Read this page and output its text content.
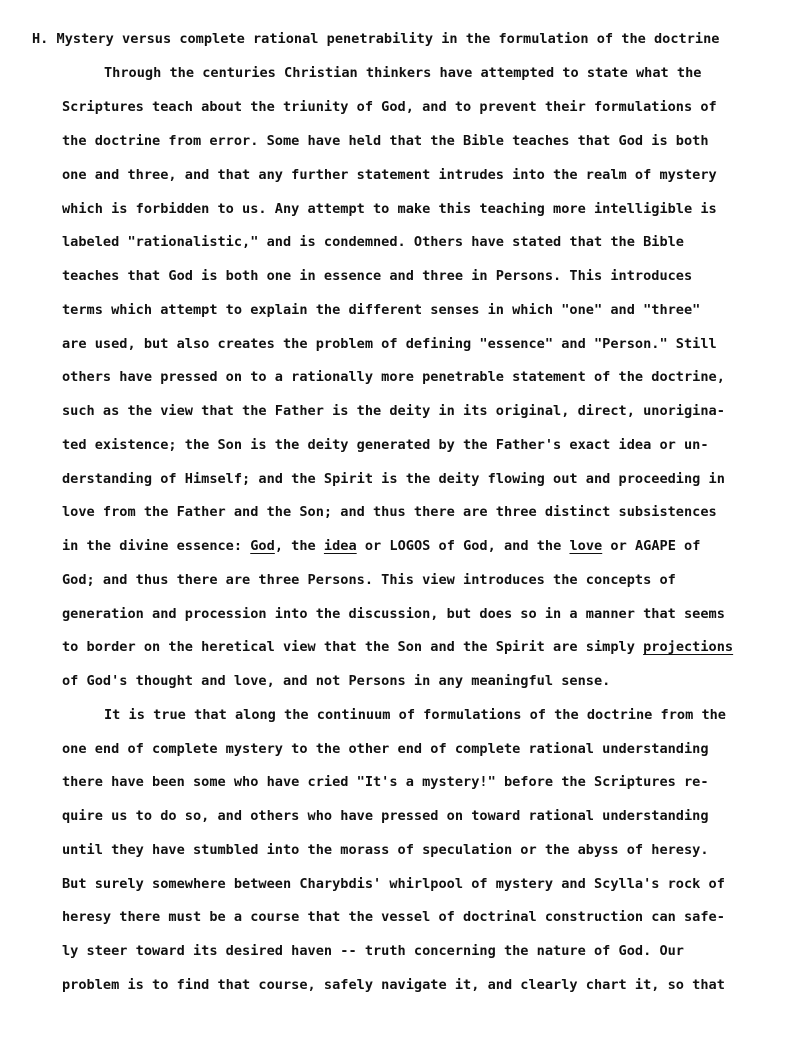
H. Mystery versus complete rational penetrability in the formulation of the doctrine
Through the centuries Christian thinkers have attempted to state what the
Scriptures teach about the triunity of God, and to prevent their formulations of
the doctrine from error. Some have held that the Bible teaches that God is both
one and three, and that any further statement intrudes into the realm of mystery
which is forbidden to us. Any attempt to make this teaching more intelligible is
labeled "rationalistic," and is condemned. Others have stated that the Bible
teaches that God is both one in essence and three in Persons. This introduces
terms which attempt to explain the different senses in which "one" and "three"
are used, but also creates the problem of defining "essence" and "Person." Still
others have pressed on to a rationally more penetrable statement of the doctrine,
such as the view that the Father is the deity in its original, direct, unorigina-
ted existence; the Son is the deity generated by the Father's exact idea or un-
derstanding of Himself; and the Spirit is the deity flowing out and proceeding in
love from the Father and the Son; and thus there are three distinct subsistences
in the divine essence: God, the idea or LOGOS of God, and the love or AGAPE of
God; and thus there are three Persons. This view introduces the concepts of
generation and procession into the discussion, but does so in a manner that seems
to border on the heretical view that the Son and the Spirit are simply projections
of God's thought and love, and not Persons in any meaningful sense.
It is true that along the continuum of formulations of the doctrine from the
one end of complete mystery to the other end of complete rational understanding
there have been some who have cried "It's a mystery!" before the Scriptures re-
quire us to do so, and others who have pressed on toward rational understanding
until they have stumbled into the morass of speculation or the abyss of heresy.
But surely somewhere between Charybdis' whirlpool of mystery and Scylla's rock of
heresy there must be a course that the vessel of doctrinal construction can safe-
ly steer toward its desired haven -- truth concerning the nature of God. Our
problem is to find that course, safely navigate it, and clearly chart it, so that
